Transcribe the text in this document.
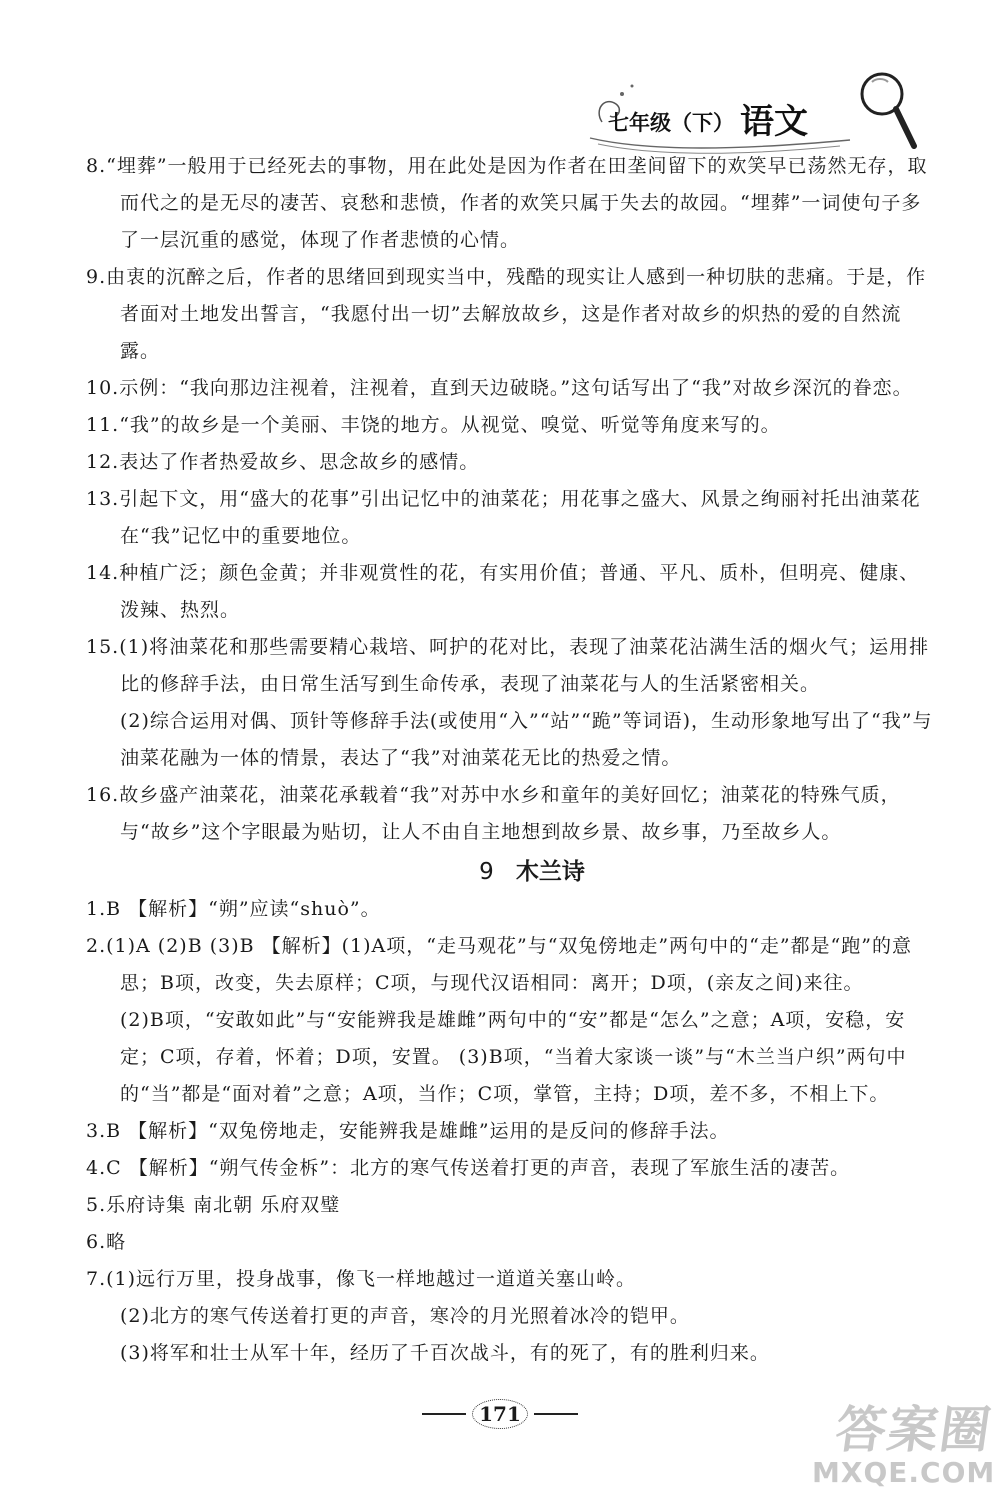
七年级（下） 语文
8.“埋葬”一般用于已经死去的事物，用在此处是因为作者在田垄间留下的欢笑早已荡然无存，取而代之的是无尽的凄苦、哀愁和悲愤，作者的欢笑只属于失去的故园。“埋葬”一词使句子多了一层沉重的感觉，体现了作者悲愤的心情。
9.由衷的沉醉之后，作者的思绪回到现实当中，残酷的现实让人感到一种切肤的悲痛。于是，作者面对土地发出誓言，“我愿付出一切”去解放故乡，这是作者对故乡的炽热的爱的自然流露。
10.示例：“我向那边注视着，注视着，直到天边破晓。”这句话写出了“我”对故乡深沉的眷恋。
11.“我”的故乡是一个美丽、丰饶的地方。从视觉、嗅觉、听觉等角度来写的。
12.表达了作者热爱故乡、思念故乡的感情。
13.引起下文，用“盛大的花事”引出记忆中的油菜花；用花事之盛大、风景之绚丽衬托出油菜花在“我”记忆中的重要地位。
14.种植广泛；颜色金黄；并非观赏性的花，有实用价值；普通、平凡、质朴，但明亮、健康、泼辣、热烈。
15.(1)将油菜花和那些需要精心栽培、呵护的花对比，表现了油菜花沾满生活的烟火气；运用排比的修辞手法，由日常生活写到生命传承，表现了油菜花与人的生活紧密相关。
(2)综合运用对偶、顶针等修辞手法(或使用“入”“站”“跪”等词语)，生动形象地写出了“我”与油菜花融为一体的情景，表达了“我”对油菜花无比的热爱之情。
16.故乡盛产油菜花，油菜花承载着“我”对苏中水乡和童年的美好回忆；油菜花的特殊气质，与“故乡”这个字眼最为贴切，让人不由自主地想到故乡景、故乡事，乃至故乡人。
9 木兰诗
1.B 【解析】“朔”应读“shuò”。
2.(1)A (2)B (3)B 【解析】(1)A项，“走马观花”与“双兔傍地走”两句中的“走”都是“跑”的意思；B项，改变，失去原样；C项，与现代汉语相同：离开；D项，(亲友之间)来往。
(2)B项，“安敢如此”与“安能辨我是雄雌”两句中的“安”都是“怎么”之意；A项，安稳，安定；C项，存着，怀着；D项，安置。 (3)B项，“当着大家谈一谈”与“木兰当户织”两句中的“当”都是“面对着”之意；A项，当作；C项，掌管，主持；D项，差不多，不相上下。
3.B 【解析】“双兔傍地走，安能辨我是雄雌”运用的是反问的修辞手法。
4.C 【解析】“朔气传金柝”：北方的寒气传送着打更的声音，表现了军旅生活的凄苦。
5.乐府诗集 南北朝 乐府双璧
6.略
7.(1)远行万里，投身战事，像飞一样地越过一道道关塞山岭。
(2)北方的寒气传送着打更的声音，寒冷的月光照着冰冷的铠甲。
(3)将军和壮士从军十年，经历了千百次战斗，有的死了，有的胜利归来。
171	答案圈
MXQE.COM
